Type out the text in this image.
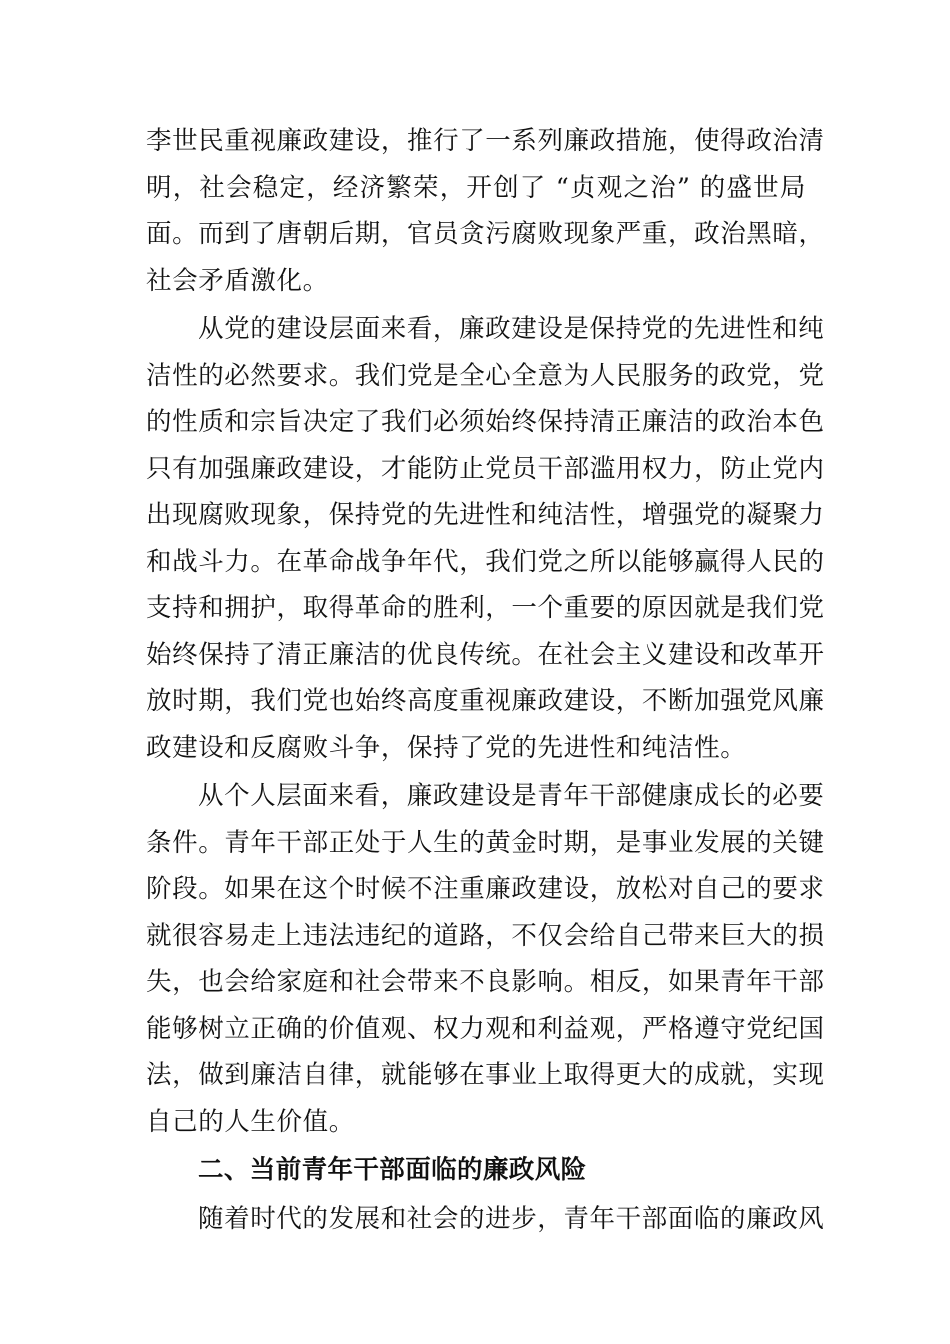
李世民重视廉政建设，推行了一系列廉政措施，使得政治清
明，社会稳定，经济繁荣，开创了 “贞观之治” 的盛世局
面。而到了唐朝后期，官员贪污腐败现象严重，政治黑暗，
社会矛盾激化。
从党的建设层面来看，廉政建设是保持党的先进性和纯
洁性的必然要求。我们党是全心全意为人民服务的政党，党
的性质和宗旨决定了我们必须始终保持清正廉洁的政治本色
只有加强廉政建设，才能防止党员干部滥用权力，防止党内
出现腐败现象，保持党的先进性和纯洁性，增强党的凝聚力
和战斗力。在革命战争年代，我们党之所以能够赢得人民的
支持和拥护，取得革命的胜利，一个重要的原因就是我们党
始终保持了清正廉洁的优良传统。在社会主义建设和改革开
放时期，我们党也始终高度重视廉政建设，不断加强党风廉
政建设和反腐败斗争，保持了党的先进性和纯洁性。
从个人层面来看，廉政建设是青年干部健康成长的必要
条件。青年干部正处于人生的黄金时期，是事业发展的关键
阶段。如果在这个时候不注重廉政建设，放松对自己的要求
就很容易走上违法违纪的道路，不仅会给自己带来巨大的损
失，也会给家庭和社会带来不良影响。相反，如果青年干部
能够树立正确的价值观、权力观和利益观，严格遵守党纪国
法，做到廉洁自律，就能够在事业上取得更大的成就，实现
自己的人生价值。
二、当前青年干部面临的廉政风险
随着时代的发展和社会的进步，青年干部面临的廉政风
